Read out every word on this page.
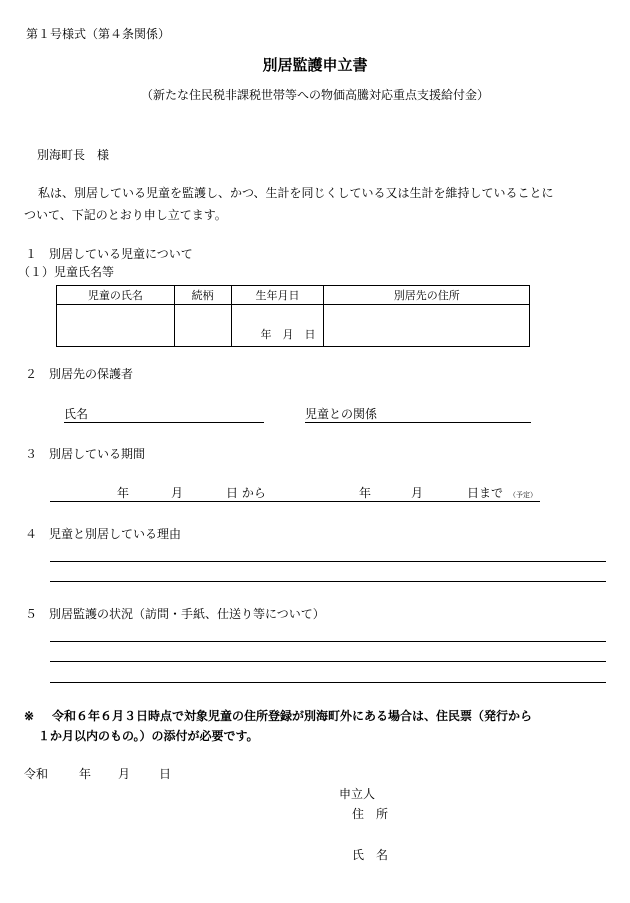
第１号様式（第４条関係）
別居監護申立書
（新たな住民税非課税世帯等への物価高騰対応重点支援給付金）
別海町長　様
私は、別居している児童を監護し、かつ、生計を同じくしている又は生計を維持していることに
ついて、下記のとおり申し立てます。
１　別居している児童について
（１）児童氏名等
児童の氏名	続柄	生年月日	別居先の住所
		年　月　日	
２　別居先の保護者
氏名	児童との関係
３　別居している期間
年	月	日 から	年	月	日まで （予定）
４　児童と別居している理由
５　別居監護の状況（訪問・手紙、仕送り等について）
※ 令和６年６月３日時点で対象児童の住所登録が別海町外にある場合は、住民票（発行から
１か月以内のもの。）の添付が必要です。
令和	年 月 日
申立人
住　所
氏　名
